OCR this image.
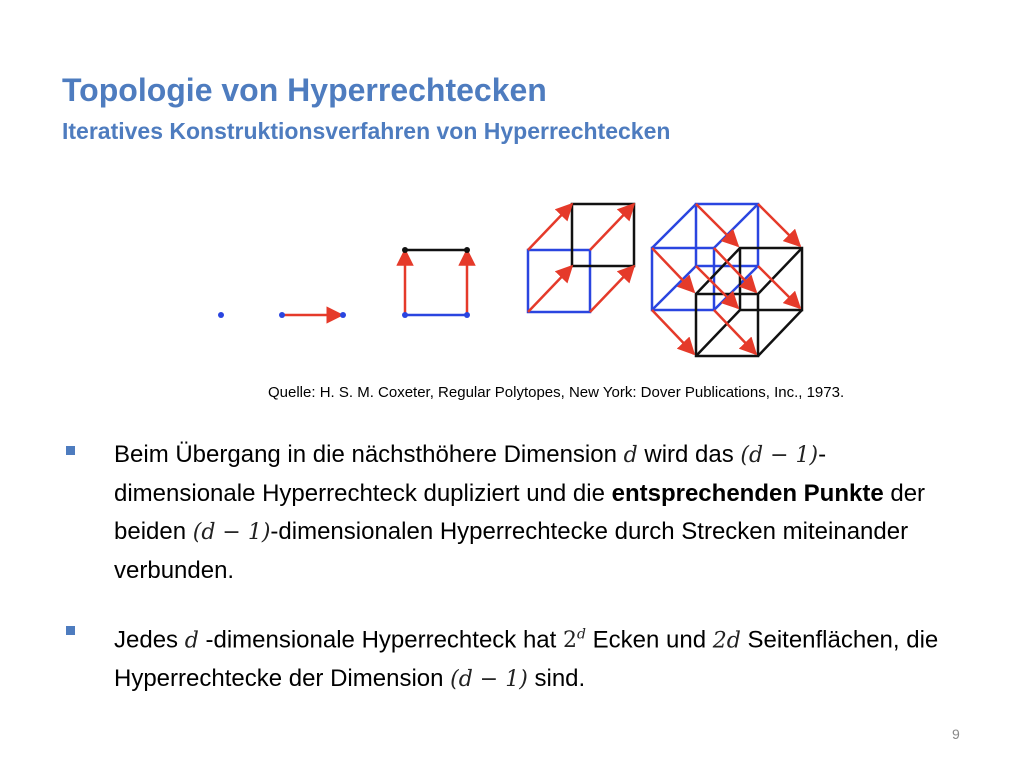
Topologie von Hyperrechtecken
Iteratives Konstruktionsverfahren von Hyperrechtecken
Quelle: H. S. M. Coxeter, Regular Polytopes, New York: Dover Publications, Inc., 1973.
Beim Übergang in die nächsthöhere Dimension d wird das (d − 1)-dimensionale Hyperrechteck dupliziert und die entsprechenden Punkte der beiden (d − 1)-dimensionalen Hyperrechtecke durch Strecken miteinander verbunden.
Jedes d -dimensionale Hyperrechteck hat 2$^d$ Ecken und 2d Seitenflächen, die Hyperrechtecke der Dimension (d − 1) sind.
9
